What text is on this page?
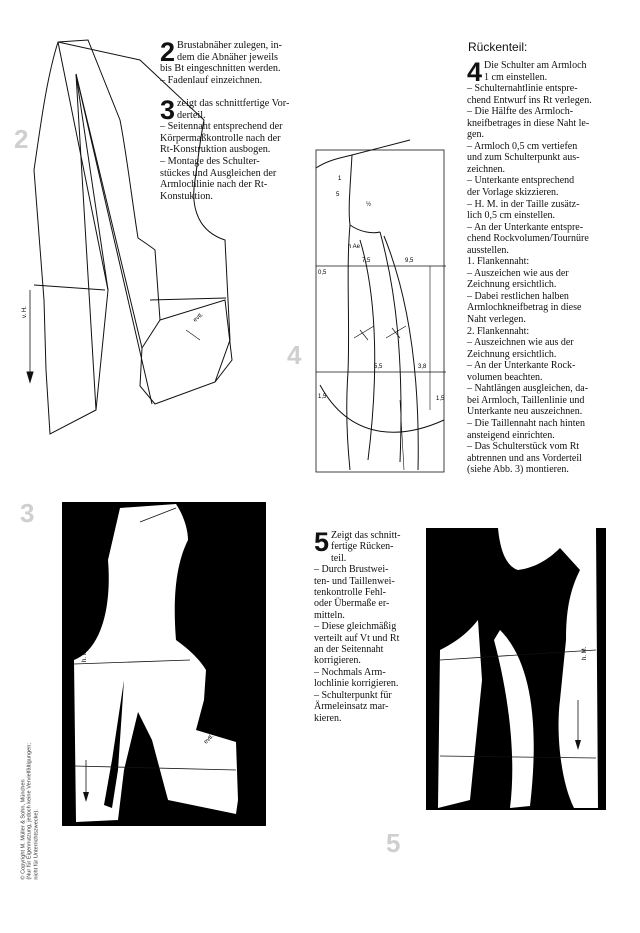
2
3
4
5
2 Brustabnäher zulegen, in-

dem die Abnäher jeweils

bis Bt eingeschnitten werden.

– Fadenlauf einzeichnen.

3 zeigt das schnittfertige Vor-

derteil.

– Seitennaht entsprechend der

Körpermaßkontrolle nach der

Rt-Konstruktion ausbogen.

– Montage des Schulter-

stückes und Ausgleichen der

Armlochlinie nach der Rt-

Konstuktion.

Rückenteil:
4 Die Schulter am Armloch

1 cm einstellen.

– Schulternahtlinie entspre-

chend Entwurf ins Rt verlegen.

– Die Hälfte des Armloch-

kneifbetrages in diese Naht le-

gen.

– Armloch 0,5 cm vertiefen

und zum Schulterpunkt aus-

zeichnen.

– Unterkante entsprechend

der Vorlage skizzieren.

– H. M. in der Taille zusätz-

lich 0,5 cm einstellen.

– An der Unterkante entspre-

chend Rockvolumen/Tournüre

ausstellen.

1. Flankennaht:

– Auszeichen wie aus der

Zeichnung ersichtlich.

– Dabei restlichen halben

Armlochkneifbetrag in diese

Naht verlegen.

2. Flankennaht:

– Auszeichnen wie aus der

Zeichnung ersichtlich.

– An der Unterkante Rock-

volumen beachten.

– Nahtlängen ausgleichen, da-

bei Armloch, Taillenlinie und

Unterkante neu auszeichnen.

– Die Taillennaht nach hinten

ansteigend einrichten.

– Das Schulterstück vom Rt

abtrennen und ans Vorderteil

(siehe Abb. 3) montieren.

5 Zeigt das schnitt-

fertige Rücken-

teil.

– Durch Brustwei-

ten- und Taillenwei-

tenkontrolle Fehl-

oder Übermaße er-

mitteln.

– Diese gleichmäßig

verteilt auf Vt und Rt

an der Seitennaht

korrigieren.

– Nochmals Arm-

lochlinie korrigieren.

– Schulterpunkt für

Ärmeleinsatz mar-

kieren.

© Copyright M. Müller & Sohn, München (Nur für Eigennutzung, jedoch keine Vervielfältigungen; nicht für Unterrichtszwecke).
v. H.	evtl.
h. M.
evtl.
h Ae
1
5
0,5
7,5	9,5
5,5	3,8
1,5
½
1,5
h. M.
